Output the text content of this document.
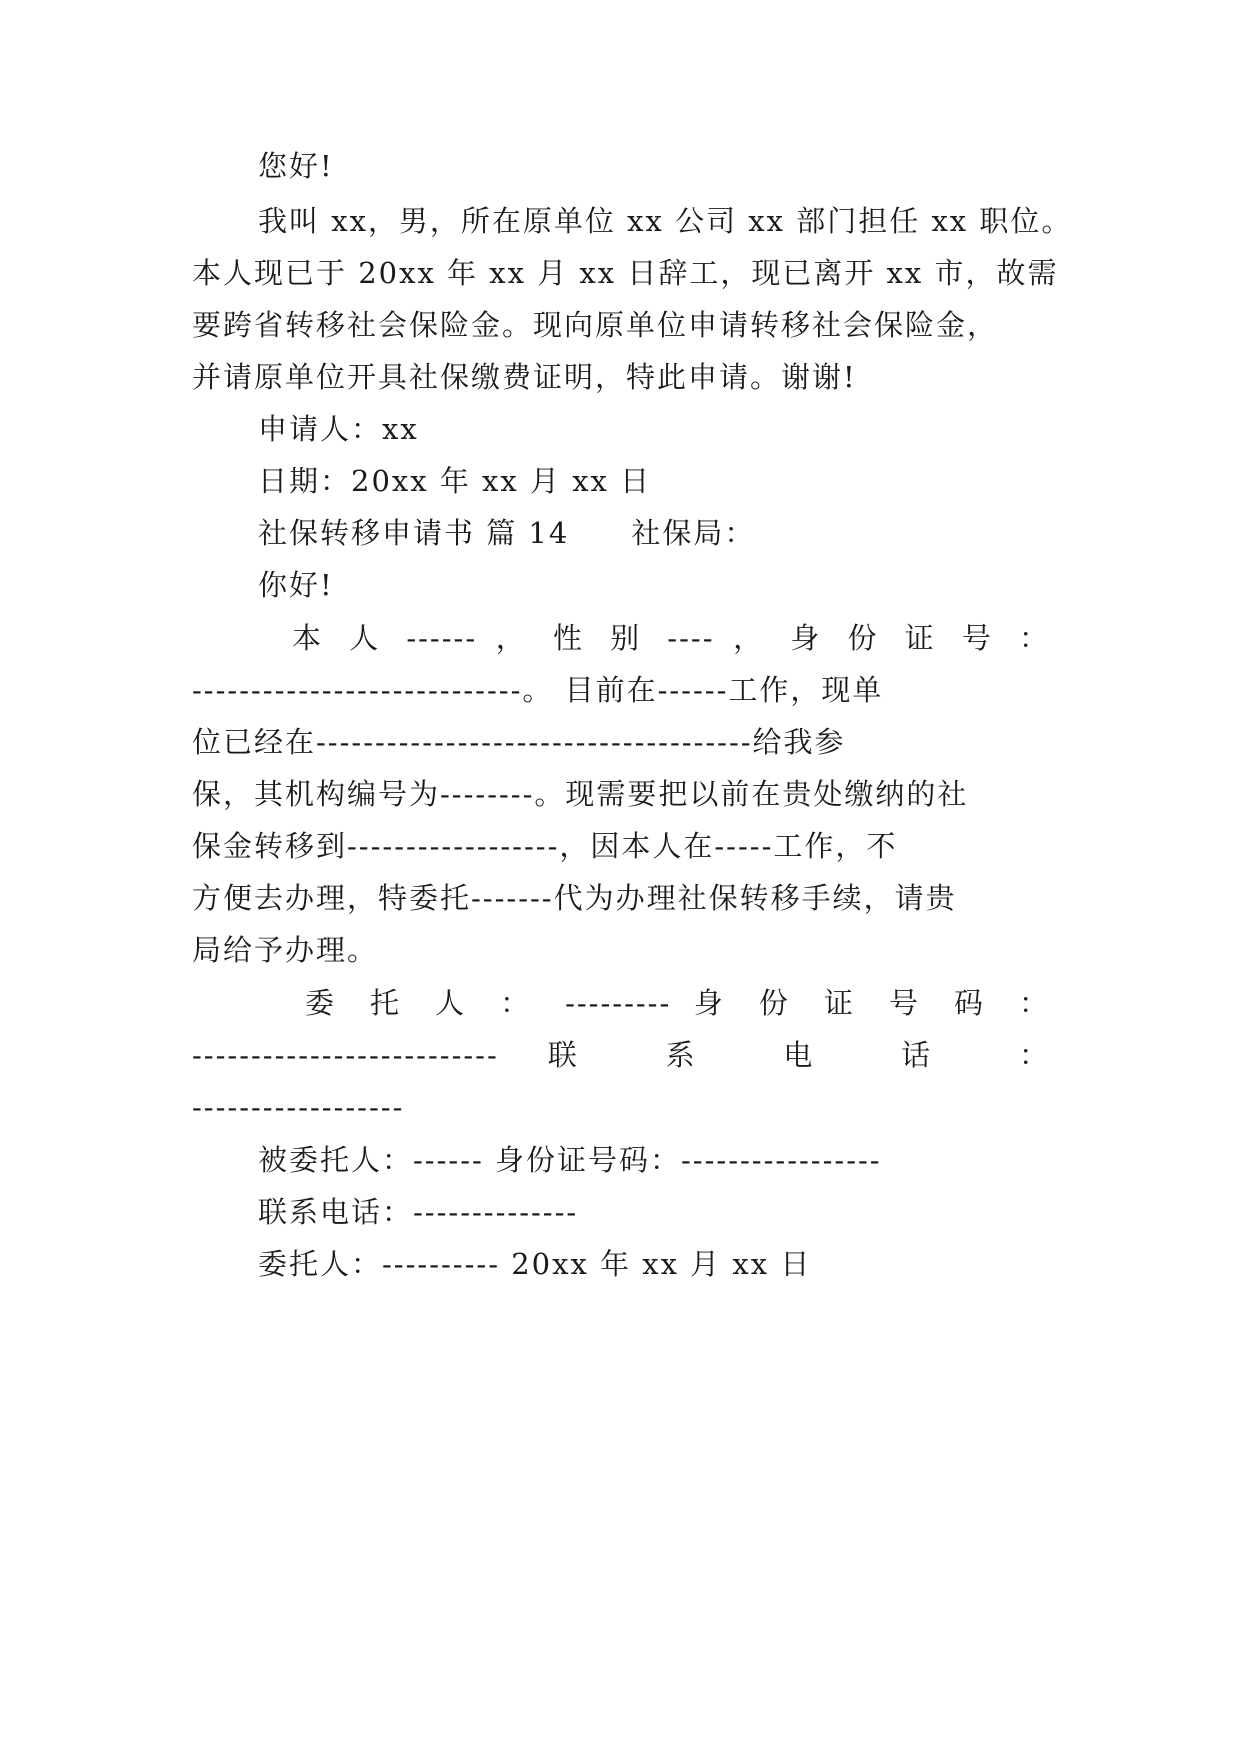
您好!
我叫 xx，男，所在原单位 xx 公司 xx 部门担任 xx 职位。
本人现已于 20xx 年 xx 月 xx 日辞工，现已离开 xx 市，故需
要跨省转移社会保险金。现向原单位申请转移社会保险金，
并请原单位开具社保缴费证明，特此申请。谢谢!
申请人：xx
日期：20xx 年 xx 月 xx 日
社保转移申请书 篇 14　　社保局：
你好!
本 人 ------ ， 性 别 ---- ， 身 份 证 号 ：
----------------------------。 目前在------工作，现单
位已经在-------------------------------------给我参
保，其机构编号为--------。现需要把以前在贵处缴纳的社
保金转移到------------------，因本人在-----工作，不
方便去办理，特委托-------代为办理社保转移手续，请贵
局给予办理。
委 托 人 ： --------- 身 份 证 号 码 ：
-------------------------- 联 系 电 话 ：
------------------
被委托人：------ 身份证号码：-----------------
联系电话：--------------
委托人：---------- 20xx 年 xx 月 xx 日
